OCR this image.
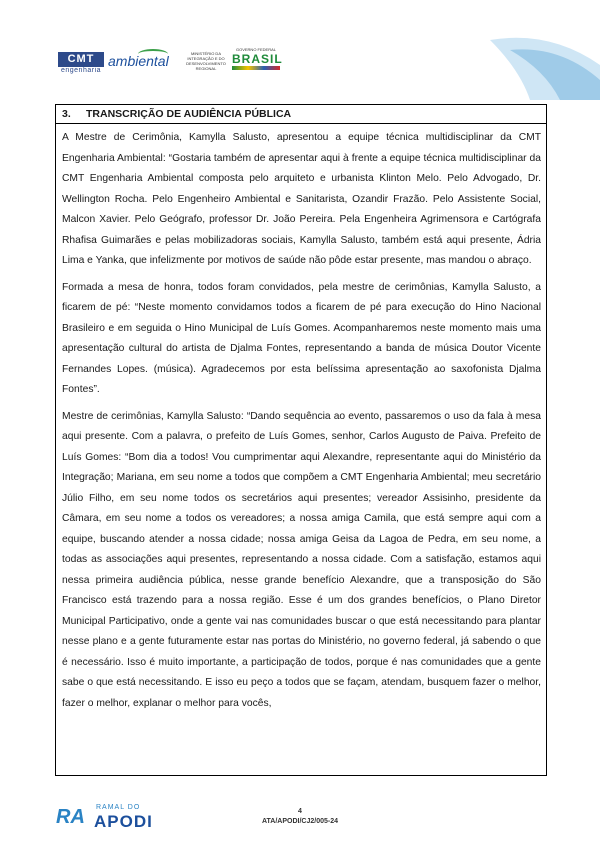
CMT
engenharia
ambiental	MINISTÉRIO DA INTEGRAÇÃO E DO DESENVOLVIMENTO REGIONAL
GOVERNO FEDERAL
BRASIL
3. TRANSCRIÇÃO DE AUDIÊNCIA PÚBLICA

A Mestre de Cerimônia, Kamylla Salusto, apresentou a equipe técnica multidisciplinar da CMT Engenharia Ambiental: “Gostaria também de apresentar aqui à frente a equipe técnica multidisciplinar da CMT Engenharia Ambiental composta pelo arquiteto e urbanista Klinton Melo. Pelo Advogado, Dr. Wellington Rocha. Pelo Engenheiro Ambiental e Sanitarista, Ozandir Frazão. Pelo Assistente Social, Malcon Xavier. Pelo Geógrafo, professor Dr. João Pereira. Pela Engenheira Agrimensora e Cartógrafa Rhafisa Guimarães e pelas mobilizadoras sociais, Kamylla Salusto, também está aqui presente, Ádria Lima e Yanka, que infelizmente por motivos de saúde não pôde estar presente, mas mandou o abraço.

Formada a mesa de honra, todos foram convidados, pela mestre de cerimônias, Kamylla Salusto, a ficarem de pé: “Neste momento convidamos todos a ficarem de pé para execução do Hino Nacional Brasileiro e em seguida o Hino Municipal de Luís Gomes. Acompanharemos neste momento mais uma apresentação cultural do artista de Djalma Fontes, representando a banda de música Doutor Vicente Fernandes Lopes. (música). Agradecemos por esta belíssima apresentação ao saxofonista Djalma Fontes”.

Mestre de cerimônias, Kamylla Salusto: “Dando sequência ao evento, passaremos o uso da fala à mesa aqui presente. Com a palavra, o prefeito de Luís Gomes, senhor, Carlos Augusto de Paiva. Prefeito de Luís Gomes: “Bom dia a todos! Vou cumprimentar aqui Alexandre, representante aqui do Ministério da Integração; Mariana, em seu nome a todos que compõem a CMT Engenharia Ambiental; meu secretário Júlio Filho, em seu nome todos os secretários aqui presentes; vereador Assisinho, presidente da Câmara, em seu nome a todos os vereadores; a nossa amiga Camila, que está sempre aqui com a equipe, buscando atender a nossa cidade; nossa amiga Geisa da Lagoa de Pedra, em seu nome, a todas as associações aqui presentes, representando a nossa cidade. Com a satisfação, estamos aqui nessa primeira audiência pública, nesse grande benefício Alexandre, que a transposição do São Francisco está trazendo para a nossa região. Esse é um dos grandes benefícios, o Plano Diretor Municipal Participativo, onde a gente vai nas comunidades buscar o que está necessitando para plantar nesse plano e a gente futuramente estar nas portas do Ministério, no governo federal, já sabendo o que é necessário. Isso é muito importante, a participação de todos, porque é nas comunidades que a gente sabe o que está necessitando. E isso eu peço a todos que se façam, atendam, busquem fazer o melhor, fazer o melhor, explanar o melhor para vocês,

RA RAMAL DO
APODI
4
ATA/APODI/CJ2/005-24
